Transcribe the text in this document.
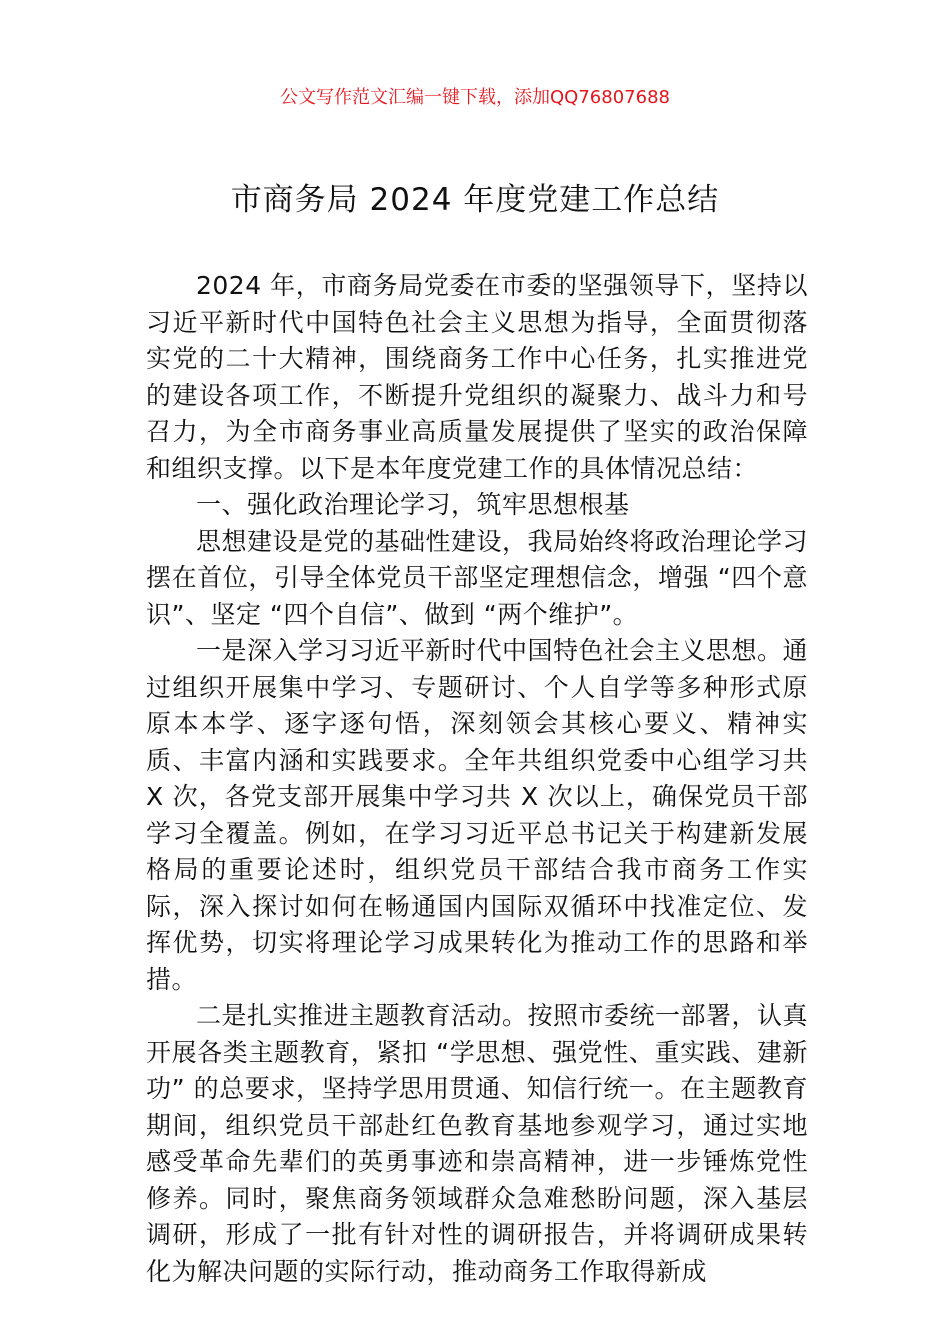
公文写作范文汇编一键下载，添加QQ76807688
市商务局 2024 年度党建工作总结

2024 年，市商务局党委在市委的坚强领导下，坚持以习近平新时代中国特色社会主义思想为指导，全面贯彻落实党的二十大精神，围绕商务工作中心任务，扎实推进党的建设各项工作，不断提升党组织的凝聚力、战斗力和号召力，为全市商务事业高质量发展提供了坚实的政治保障和组织支撑。以下是本年度党建工作的具体情况总结：

一、强化政治理论学习，筑牢思想根基

思想建设是党的基础性建设，我局始终将政治理论学习摆在首位，引导全体党员干部坚定理想信念，增强 “四个意识”、坚定 “四个自信”、做到 “两个维护”。

一是深入学习习近平新时代中国特色社会主义思想。通过组织开展集中学习、专题研讨、个人自学等多种形式原原本本学、逐字逐句悟，深刻领会其核心要义、精神实质、丰富内涵和实践要求。全年共组织党委中心组学习共 X 次，各党支部开展集中学习共 X 次以上，确保党员干部学习全覆盖。例如，在学习习近平总书记关于构建新发展格局的重要论述时，组织党员干部结合我市商务工作实际，深入探讨如何在畅通国内国际双循环中找准定位、发挥优势，切实将理论学习成果转化为推动工作的思路和举措。

二是扎实推进主题教育活动。按照市委统一部署，认真开展各类主题教育，紧扣 “学思想、强党性、重实践、建新功” 的总要求，坚持学思用贯通、知信行统一。在主题教育期间，组织党员干部赴红色教育基地参观学习，通过实地感受革命先辈们的英勇事迹和崇高精神，进一步锤炼党性修养。同时，聚焦商务领域群众急难愁盼问题，深入基层调研，形成了一批有针对性的调研报告，并将调研成果转化为解决问题的实际行动，推动商务工作取得新成
